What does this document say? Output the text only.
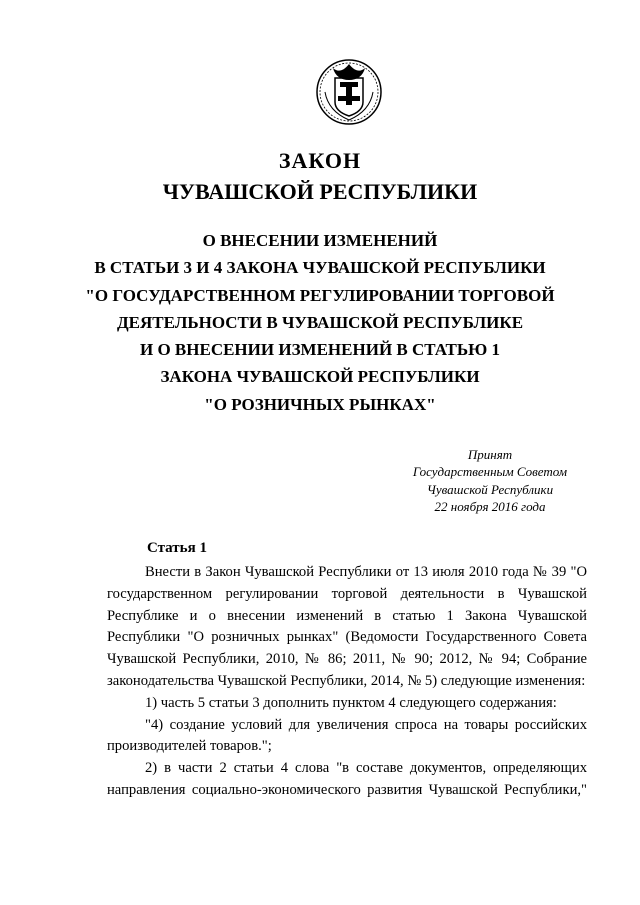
ЗАКОН
ЧУВАШСКОЙ РЕСПУБЛИКИ
О ВНЕСЕНИИ ИЗМЕНЕНИЙ
В СТАТЬИ 3 И 4 ЗАКОНА ЧУВАШСКОЙ РЕСПУБЛИКИ
"О ГОСУДАРСТВЕННОМ РЕГУЛИРОВАНИИ ТОРГОВОЙ
ДЕЯТЕЛЬНОСТИ В ЧУВАШСКОЙ РЕСПУБЛИКЕ
И О ВНЕСЕНИИ ИЗМЕНЕНИЙ В СТАТЬЮ 1
ЗАКОНА ЧУВАШСКОЙ РЕСПУБЛИКИ
"О РОЗНИЧНЫХ РЫНКАХ"
Принят
Государственным Советом
Чувашской Республики
22 ноября 2016 года
Статья 1

Внести в Закон Чувашской Республики от 13 июля 2010 года № 39 "О государственном регулировании торговой деятельности в Чувашской Республике и о внесении изменений в статью 1 Закона Чувашской Республики "О розничных рынках" (Ведомости Государственного Совета Чувашской Республики, 2010, № 86; 2011, № 90; 2012, № 94; Собрание законодательства Чувашской Республики, 2014, № 5) следующие изменения:

1) часть 5 статьи 3 дополнить пунктом 4 следующего содержания:

"4) создание условий для увеличения спроса на товары российских производителей товаров.";

2) в части 2 статьи 4 слова "в составе документов, определяющих направления социально-экономического развития Чувашской Республики,"
